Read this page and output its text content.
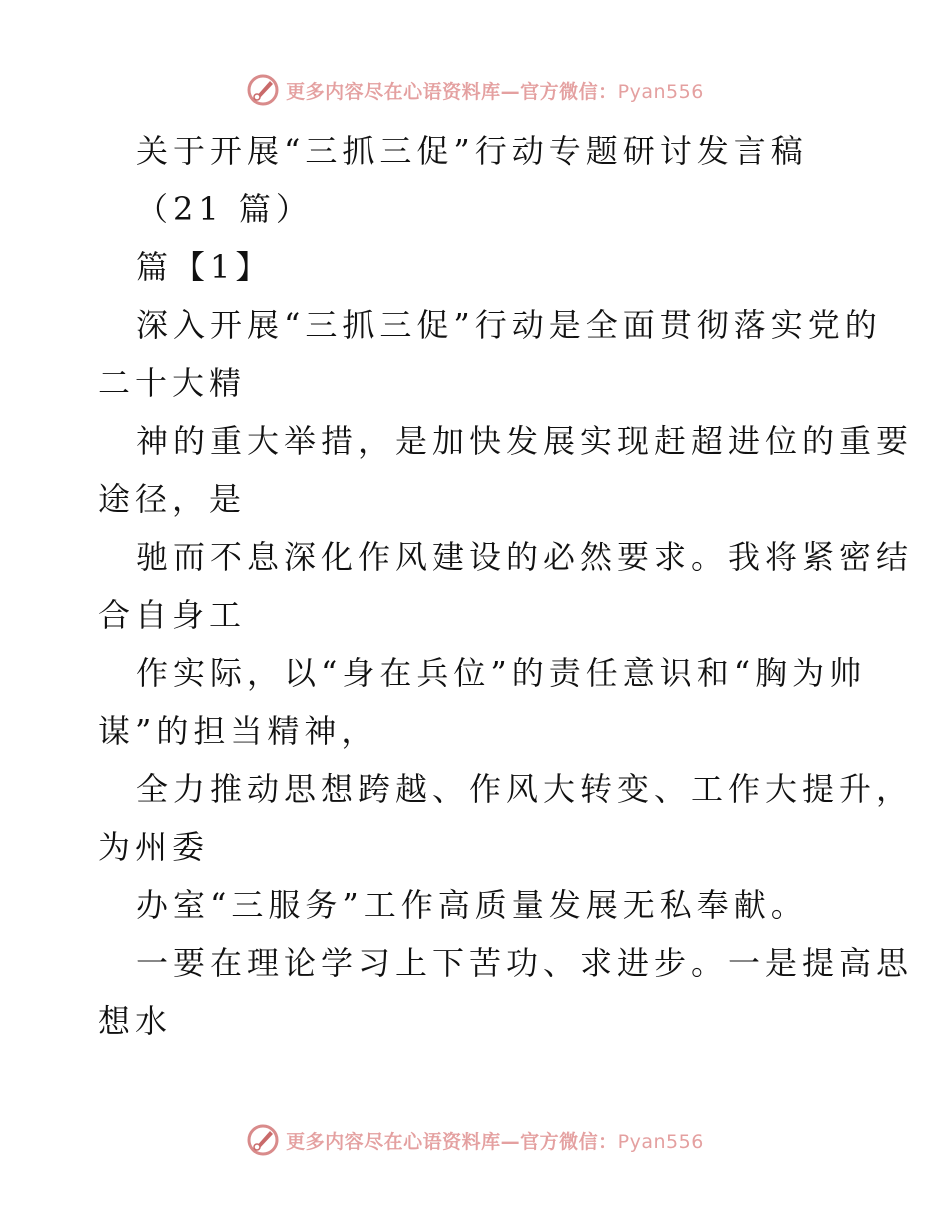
更多内容尽在心语资料库—官方微信：Pyan556
关于开展“三抓三促”行动专题研讨发言稿
（21 篇）
篇【1】
深入开展“三抓三促”行动是全面贯彻落实党的
二十大精
神的重大举措，是加快发展实现赶超进位的重要
途径，是
驰而不息深化作风建设的必然要求。我将紧密结
合自身工
作实际，以“身在兵位”的责任意识和“胸为帅
谋”的担当精神，
全力推动思想跨越、作风大转变、工作大提升，
为州委
办室“三服务”工作高质量发展无私奉献。
一要在理论学习上下苦功、求进步。一是提高思
想水
更多内容尽在心语资料库—官方微信：Pyan556
